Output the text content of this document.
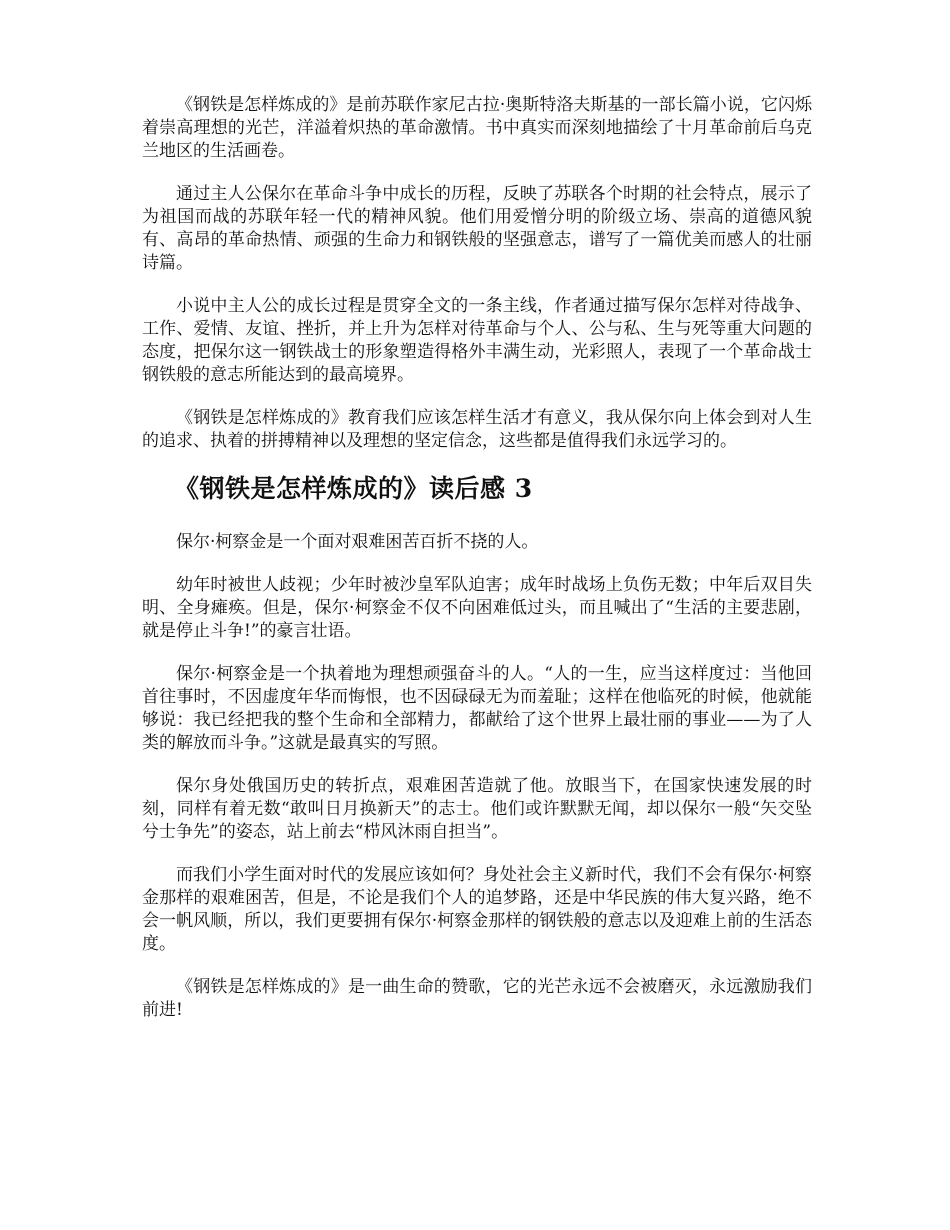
《钢铁是怎样炼成的》是前苏联作家尼古拉·奥斯特洛夫斯基的一部长篇小说，它闪烁着崇高理想的光芒，洋溢着炽热的革命激情。书中真实而深刻地描绘了十月革命前后乌克兰地区的生活画卷。

通过主人公保尔在革命斗争中成长的历程，反映了苏联各个时期的社会特点，展示了为祖国而战的苏联年轻一代的精神风貌。他们用爱憎分明的阶级立场、崇高的道德风貌有、高昂的革命热情、顽强的生命力和钢铁般的坚强意志，谱写了一篇优美而感人的壮丽诗篇。

小说中主人公的成长过程是贯穿全文的一条主线，作者通过描写保尔怎样对待战争、工作、爱情、友谊、挫折，并上升为怎样对待革命与个人、公与私、生与死等重大问题的态度，把保尔这一钢铁战士的形象塑造得格外丰满生动，光彩照人，表现了一个革命战士钢铁般的意志所能达到的最高境界。

《钢铁是怎样炼成的》教育我们应该怎样生活才有意义，我从保尔向上体会到对人生的追求、执着的拼搏精神以及理想的坚定信念，这些都是值得我们永远学习的。

《钢铁是怎样炼成的》读后感 3

保尔·柯察金是一个面对艰难困苦百折不挠的人。

幼年时被世人歧视；少年时被沙皇军队迫害；成年时战场上负伤无数；中年后双目失明、全身瘫痪。但是，保尔·柯察金不仅不向困难低过头，而且喊出了“生活的主要悲剧，就是停止斗争!”的豪言壮语。

保尔·柯察金是一个执着地为理想顽强奋斗的人。“人的一生，应当这样度过：当他回首往事时，不因虚度年华而悔恨，也不因碌碌无为而羞耻；这样在他临死的时候，他就能够说：我已经把我的整个生命和全部精力，都献给了这个世界上最壮丽的事业——为了人类的解放而斗争。”这就是最真实的写照。

保尔身处俄国历史的转折点，艰难困苦造就了他。放眼当下，在国家快速发展的时刻，同样有着无数“敢叫日月换新天”的志士。他们或许默默无闻，却以保尔一般“矢交坠兮士争先”的姿态，站上前去“栉风沐雨自担当”。

而我们小学生面对时代的发展应该如何？身处社会主义新时代，我们不会有保尔·柯察金那样的艰难困苦，但是，不论是我们个人的追梦路，还是中华民族的伟大复兴路，绝不会一帆风顺，所以，我们更要拥有保尔·柯察金那样的钢铁般的意志以及迎难上前的生活态度。

《钢铁是怎样炼成的》是一曲生命的赞歌，它的光芒永远不会被磨灭，永远激励我们前进!
